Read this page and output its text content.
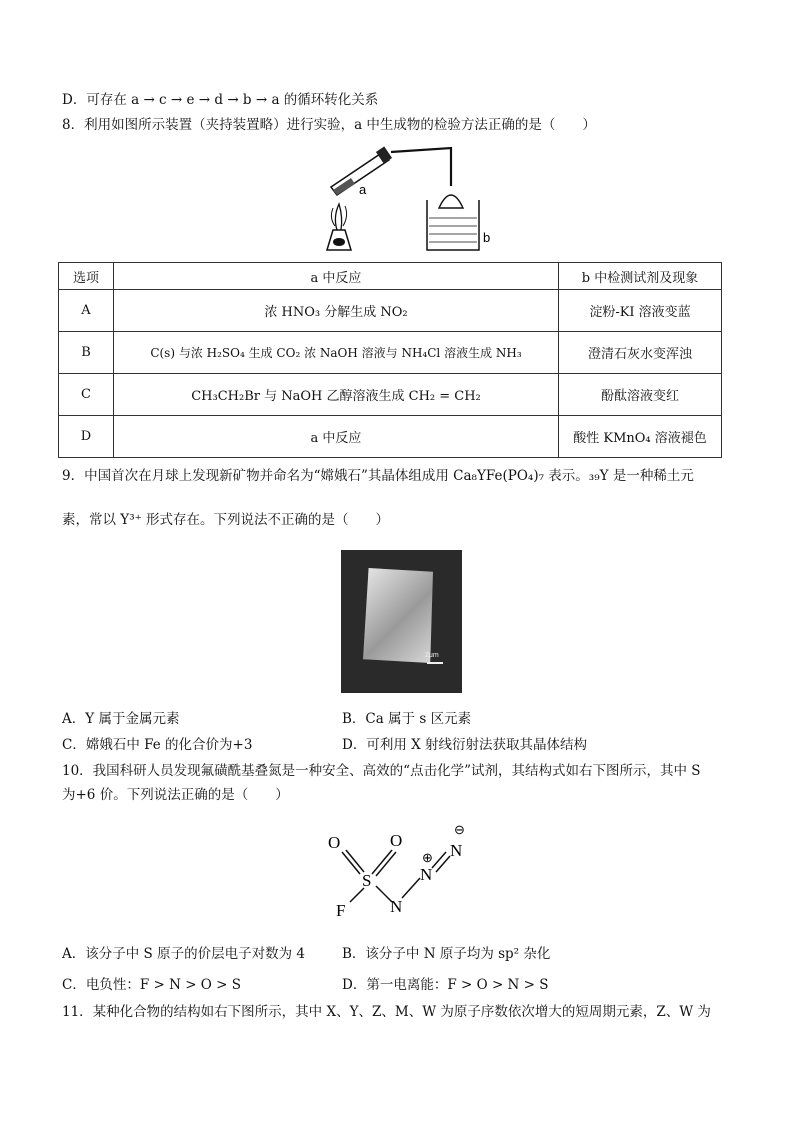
D．可存在 a → c → e → d → b → a 的循环转化关系
8．利用如图所示装置（夹持装置略）进行实验，a 中生成物的检验方法正确的是（　　）
a
b
选项	a 中反应	b 中检测试剂及现象
A	浓 HNO₃ 分解生成 NO₂	淀粉-KI 溶液变蓝
B	C(s) 与浓 H₂SO₄ 生成 CO₂ 浓 NaOH 溶液与 NH₄Cl 溶液生成 NH₃	澄清石灰水变浑浊
C	CH₃CH₂Br 与 NaOH 乙醇溶液生成 CH₂ = CH₂	酚酞溶液变红
D	a 中反应	酸性 KMnO₄ 溶液褪色
9．中国首次在月球上发现新矿物并命名为“嫦娥石”其晶体组成用 Ca₈YFe(PO₄)₇ 表示。₃₉Y 是一种稀土元
素，常以 Y³⁺ 形式存在。下列说法不正确的是（　　）
2μm
A．Y 属于金属元素	B．Ca 属于 s 区元素
C．嫦娥石中 Fe 的化合价为+3	D．可利用 X 射线衍射法获取其晶体结构
10．我国科研人员发现氟磺酰基叠氮是一种安全、高效的“点击化学”试剂，其结构式如右下图所示，其中 S
为+6 价。下列说法正确的是（　　）
O	O
S
F	N
N
N
⊕
⊖
A．该分子中 S 原子的价层电子对数为 4	B．该分子中 N 原子均为 sp² 杂化
C．电负性：F > N > O > S	D．第一电离能：F > O > N > S
11．某种化合物的结构如右下图所示，其中 X、Y、Z、M、W 为原子序数依次增大的短周期元素，Z、W 为
